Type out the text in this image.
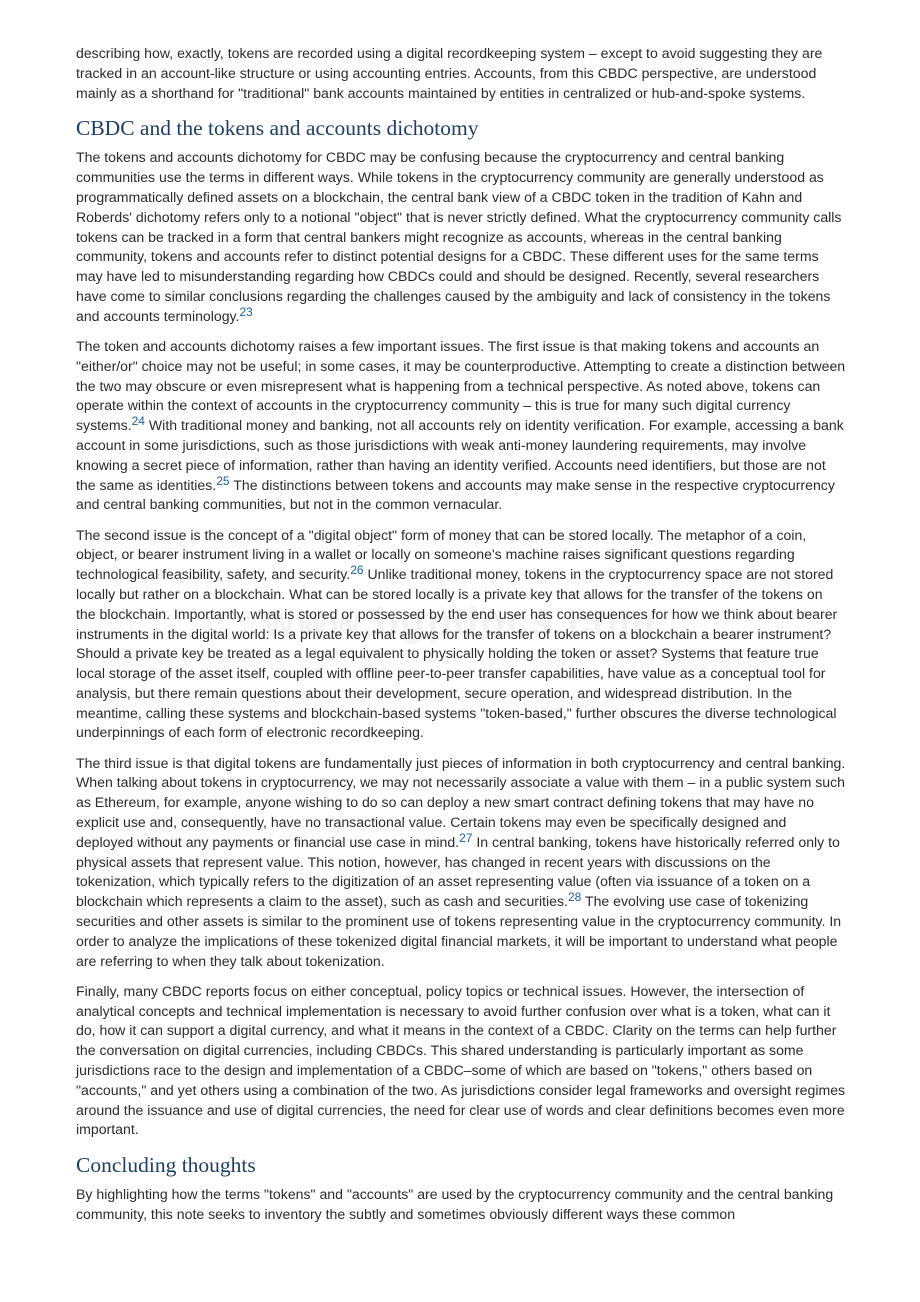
describing how, exactly, tokens are recorded using a digital recordkeeping system – except to avoid suggesting they are tracked in an account-like structure or using accounting entries. Accounts, from this CBDC perspective, are understood mainly as a shorthand for "traditional" bank accounts maintained by entities in centralized or hub-and-spoke systems.

CBDC and the tokens and accounts dichotomy

The tokens and accounts dichotomy for CBDC may be confusing because the cryptocurrency and central banking communities use the terms in different ways. While tokens in the cryptocurrency community are generally understood as programmatically defined assets on a blockchain, the central bank view of a CBDC token in the tradition of Kahn and Roberds' dichotomy refers only to a notional "object" that is never strictly defined. What the cryptocurrency community calls tokens can be tracked in a form that central bankers might recognize as accounts, whereas in the central banking community, tokens and accounts refer to distinct potential designs for a CBDC. These different uses for the same terms may have led to misunderstanding regarding how CBDCs could and should be designed. Recently, several researchers have come to similar conclusions regarding the challenges caused by the ambiguity and lack of consistency in the tokens and accounts terminology.$^{23}$

The token and accounts dichotomy raises a few important issues. The first issue is that making tokens and accounts an "either/or" choice may not be useful; in some cases, it may be counterproductive. Attempting to create a distinction between the two may obscure or even misrepresent what is happening from a technical perspective. As noted above, tokens can operate within the context of accounts in the cryptocurrency community – this is true for many such digital currency systems.$^{24}$ With traditional money and banking, not all accounts rely on identity verification. For example, accessing a bank account in some jurisdictions, such as those jurisdictions with weak anti-money laundering requirements, may involve knowing a secret piece of information, rather than having an identity verified. Accounts need identifiers, but those are not the same as identities.$^{25}$ The distinctions between tokens and accounts may make sense in the respective cryptocurrency and central banking communities, but not in the common vernacular.

The second issue is the concept of a "digital object" form of money that can be stored locally. The metaphor of a coin, object, or bearer instrument living in a wallet or locally on someone's machine raises significant questions regarding technological feasibility, safety, and security.$^{26}$ Unlike traditional money, tokens in the cryptocurrency space are not stored locally but rather on a blockchain. What can be stored locally is a private key that allows for the transfer of the tokens on the blockchain. Importantly, what is stored or possessed by the end user has consequences for how we think about bearer instruments in the digital world: Is a private key that allows for the transfer of tokens on a blockchain a bearer instrument? Should a private key be treated as a legal equivalent to physically holding the token or asset? Systems that feature true local storage of the asset itself, coupled with offline peer-to-peer transfer capabilities, have value as a conceptual tool for analysis, but there remain questions about their development, secure operation, and widespread distribution. In the meantime, calling these systems and blockchain-based systems "token-based," further obscures the diverse technological underpinnings of each form of electronic recordkeeping.

The third issue is that digital tokens are fundamentally just pieces of information in both cryptocurrency and central banking. When talking about tokens in cryptocurrency, we may not necessarily associate a value with them – in a public system such as Ethereum, for example, anyone wishing to do so can deploy a new smart contract defining tokens that may have no explicit use and, consequently, have no transactional value. Certain tokens may even be specifically designed and deployed without any payments or financial use case in mind.$^{27}$ In central banking, tokens have historically referred only to physical assets that represent value. This notion, however, has changed in recent years with discussions on the tokenization, which typically refers to the digitization of an asset representing value (often via issuance of a token on a blockchain which represents a claim to the asset), such as cash and securities.$^{28}$ The evolving use case of tokenizing securities and other assets is similar to the prominent use of tokens representing value in the cryptocurrency community. In order to analyze the implications of these tokenized digital financial markets, it will be important to understand what people are referring to when they talk about tokenization.

Finally, many CBDC reports focus on either conceptual, policy topics or technical issues. However, the intersection of analytical concepts and technical implementation is necessary to avoid further confusion over what is a token, what can it do, how it can support a digital currency, and what it means in the context of a CBDC. Clarity on the terms can help further the conversation on digital currencies, including CBDCs. This shared understanding is particularly important as some jurisdictions race to the design and implementation of a CBDC–some of which are based on "tokens," others based on "accounts," and yet others using a combination of the two. As jurisdictions consider legal frameworks and oversight regimes around the issuance and use of digital currencies, the need for clear use of words and clear definitions becomes even more important.

Concluding thoughts

By highlighting how the terms "tokens" and "accounts" are used by the cryptocurrency community and the central banking community, this note seeks to inventory the subtly and sometimes obviously different ways these common
